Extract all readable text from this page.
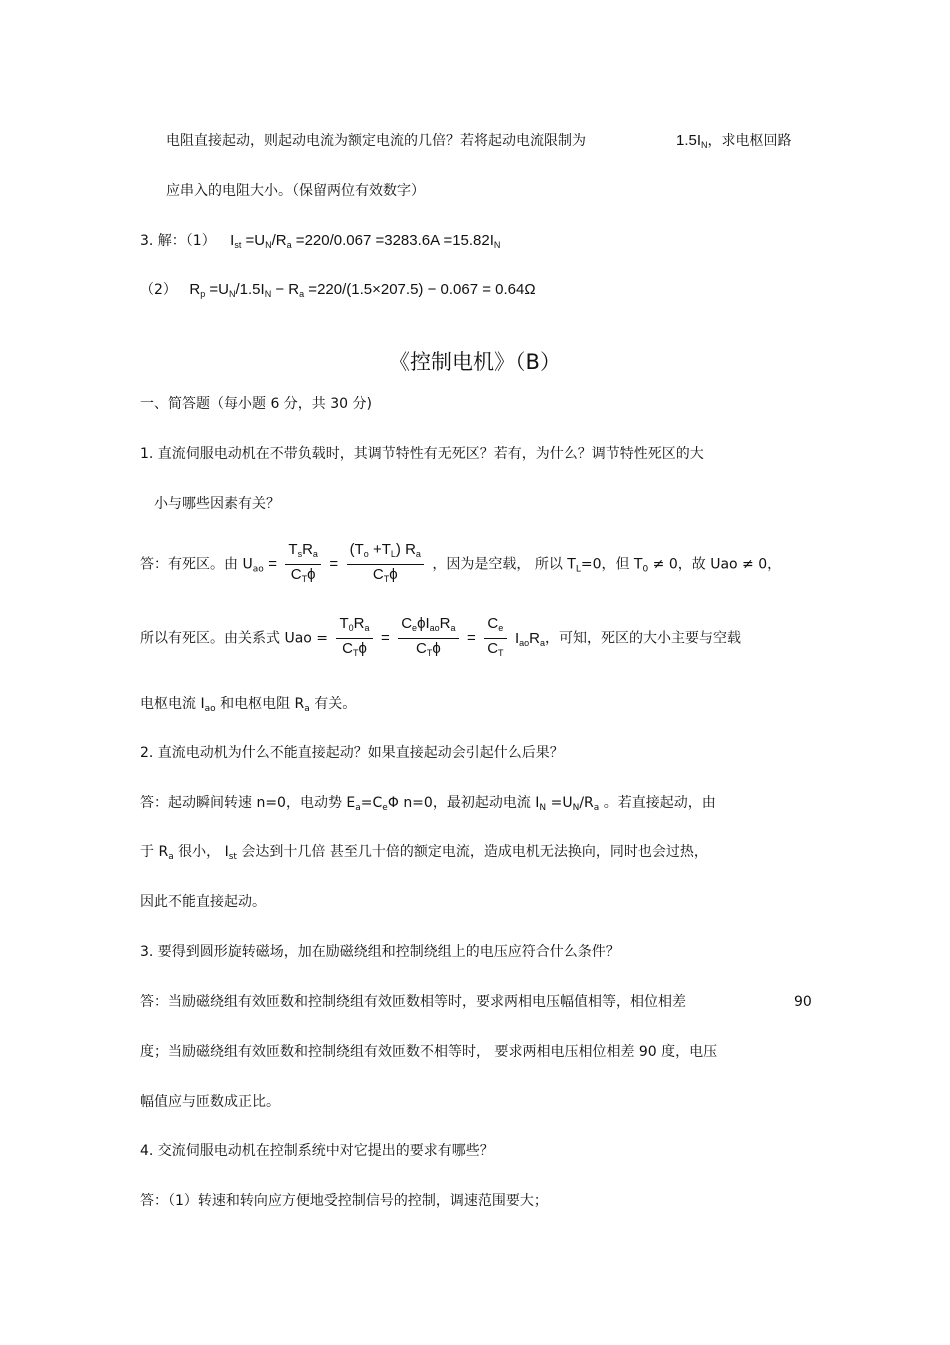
电阻直接起动，则起动电流为额定电流的几倍？若将起动电流限制为	$1.5I_N$，求电枢回路
应串入的电阻大小。（保留两位有效数字）
3. 解：（1） $I_{st} =U_N/R_a =220/0.067 =3283.6A =15.82I_N$
（2） $R_p =U_N/1.5I_N - R_a =220/(1.5\times 207.5) - 0.067 = 0.64\Omega$
《控制电机》（B）
一、简答题（每小题 6 分，共 30 分)
1. 直流伺服电动机在不带负载时，其调节特性有无死区？若有，为什么？调节特性死区的大
小与哪些因素有关？
答：有死区。由 $U_{ao} = \frac{T_sR_a}{C_T\phi} = \frac{(T_o +T_L) R_a}{C_T\phi}$ ，因为是空载， 所以 $T_L=0$，但 $T_0 \ne 0$，故 Uao ≠ 0，
所以有死区。由关系式 Uao = $\frac{T_0R_a}{C_T\phi} = \frac{C_e\phi I_{ao}R_a}{C_T\phi} = \frac{C_e}{C_T} I_{ao}R_a$，可知，死区的大小主要与空载
电枢电流 $I_{ao}$ 和电枢电阻 $R_a$ 有关。
2. 直流电动机为什么不能直接起动？如果直接起动会引起什么后果？
答：起动瞬间转速 n=0，电动势 $E_a=C_e\Phi$ n=0，最初起动电流 $I_N =U_N/R_a$ 。若直接起动，由
于 $R_a$ 很小， $I_{st}$ 会达到十几倍 甚至几十倍的额定电流，造成电机无法换向，同时也会过热，
因此不能直接起动。
3. 要得到圆形旋转磁场，加在励磁绕组和控制绕组上的电压应符合什么条件？
答：当励磁绕组有效匝数和控制绕组有效匝数相等时，要求两相电压幅值相等，相位相差	90
度；当励磁绕组有效匝数和控制绕组有效匝数不相等时， 要求两相电压相位相差 90 度，电压
幅值应与匝数成正比。
4. 交流伺服电动机在控制系统中对它提出的要求有哪些？
答：（1）转速和转向应方便地受控制信号的控制，调速范围要大；
